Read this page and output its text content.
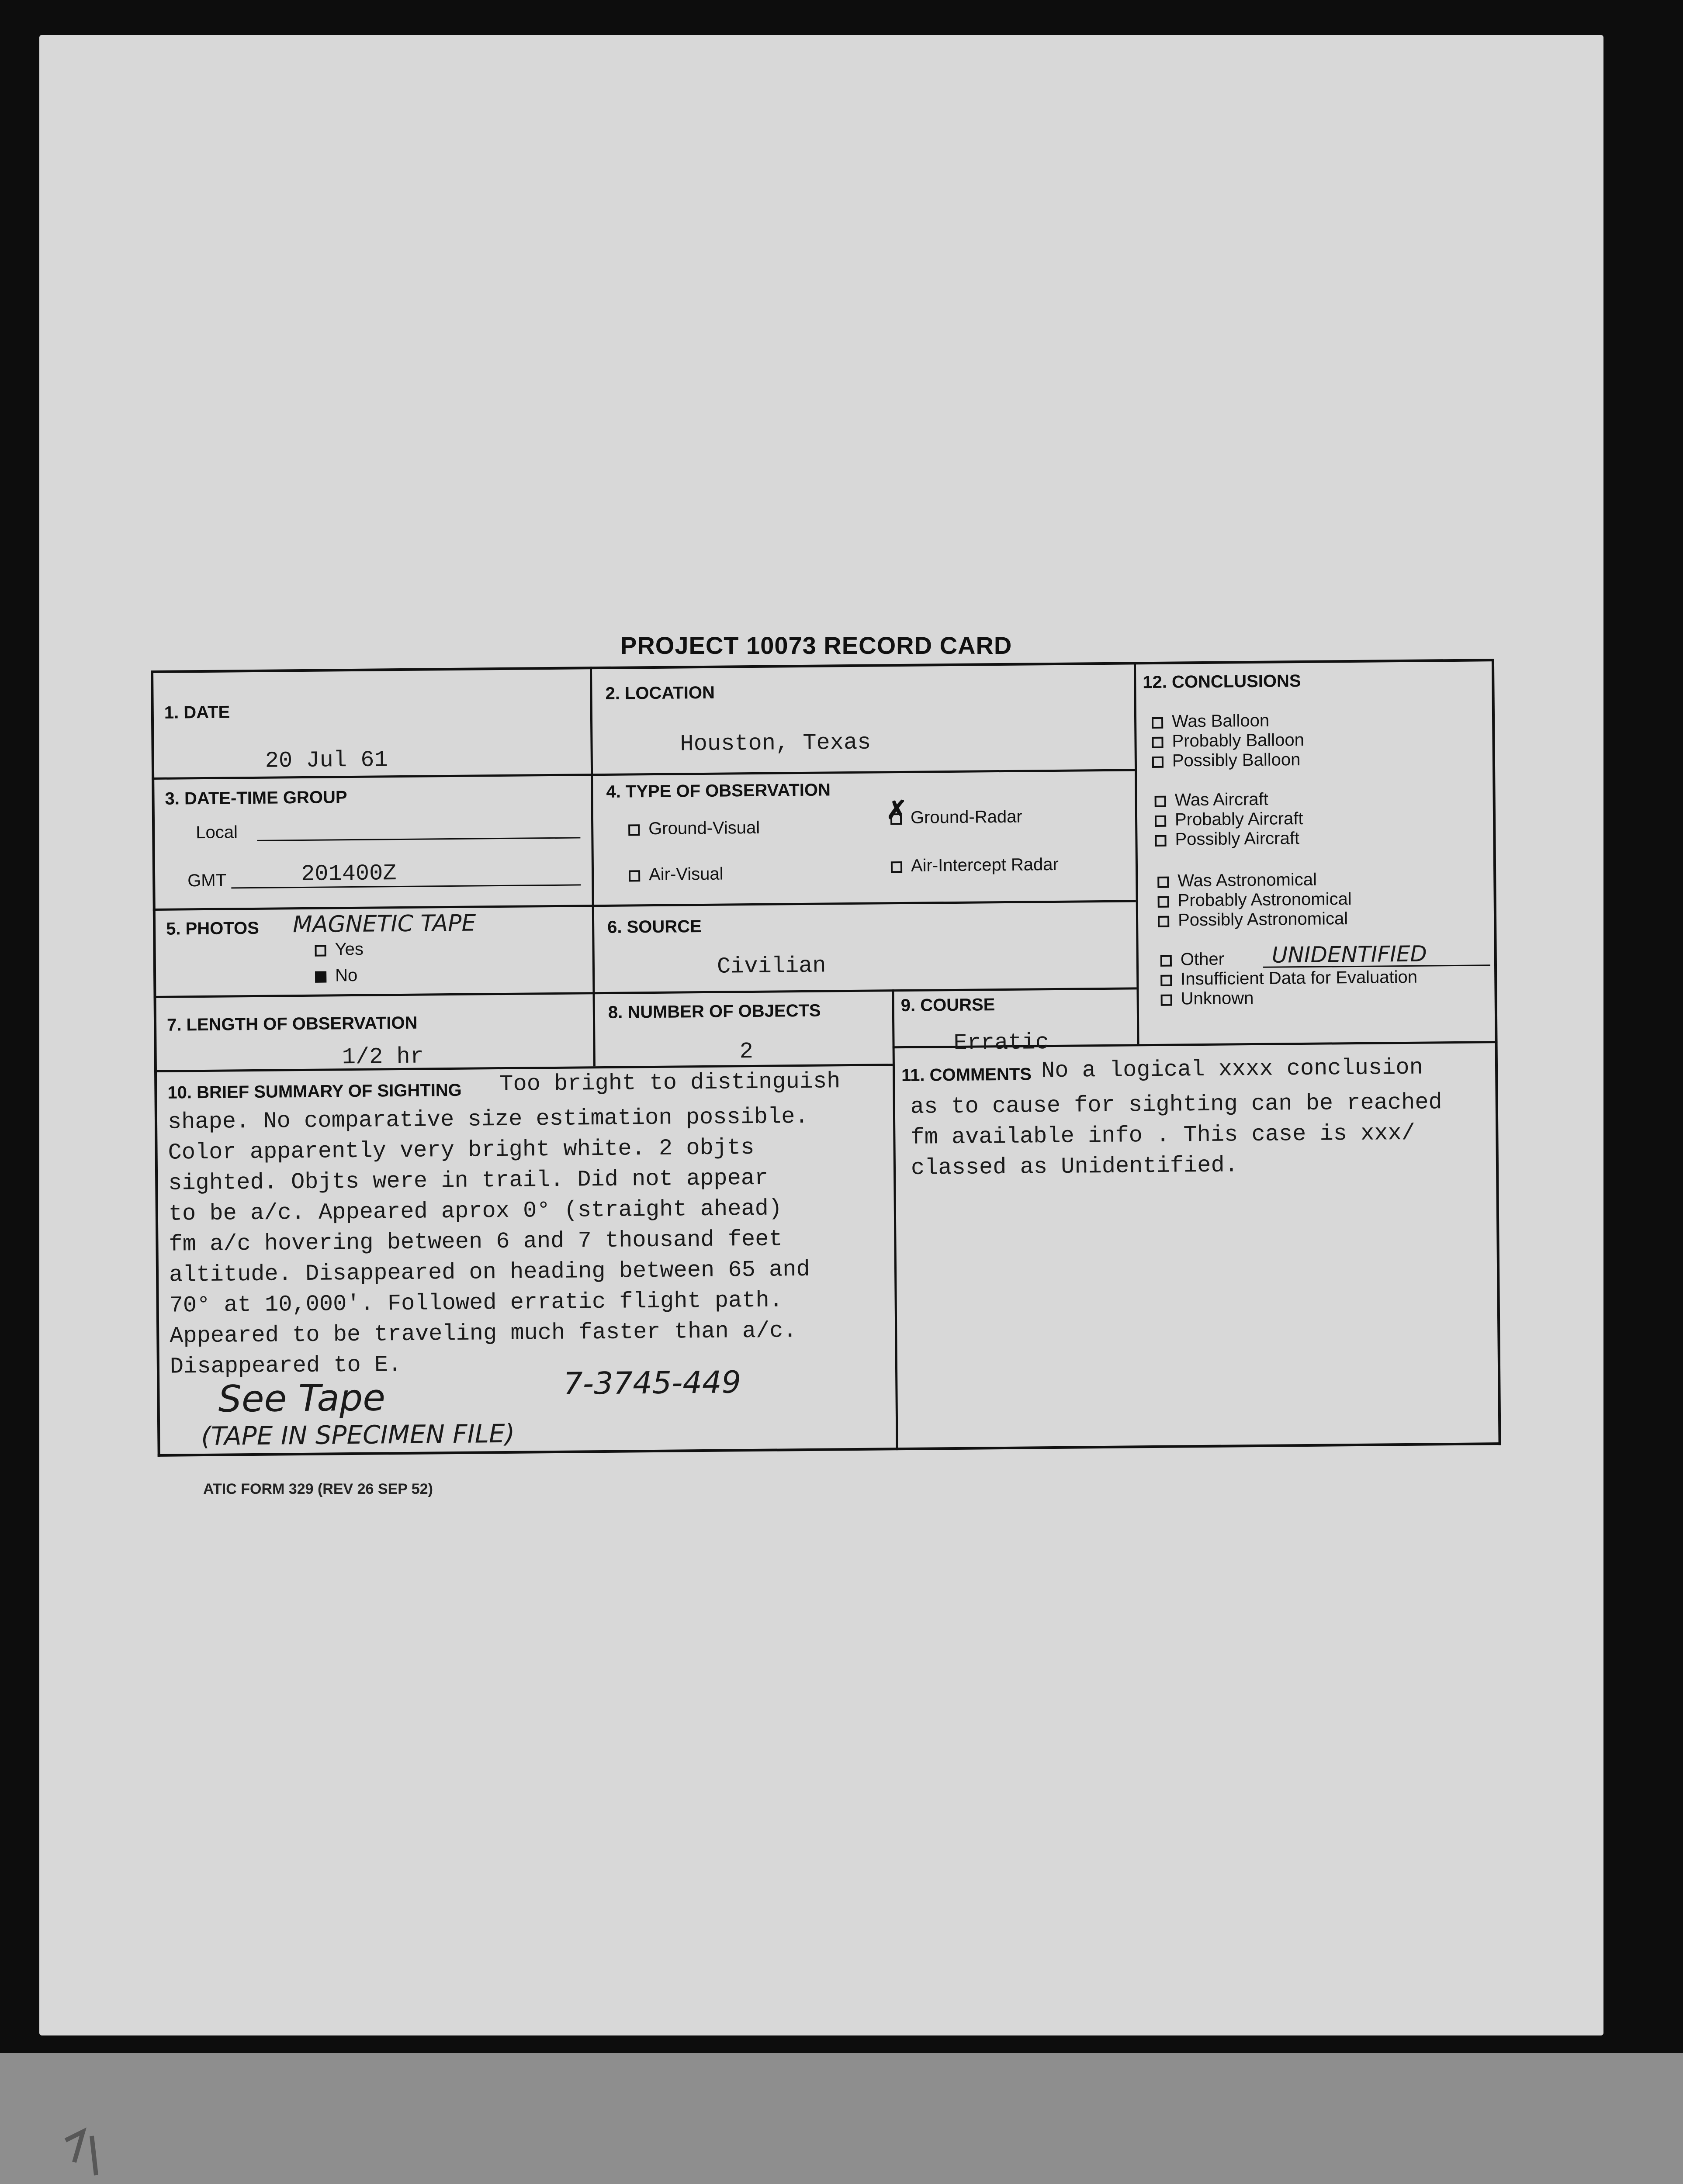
PROJECT 10073 RECORD CARD
1. DATE
20 Jul 61
2. LOCATION
Houston, Texas
3. DATE-TIME GROUP
Local
GMT	201400Z
4. TYPE OF OBSERVATION
Ground-Visual
Ground-Radar
✗
Air-Visual	Air-Intercept Radar
5. PHOTOS MAGNETIC TAPE
Yes
No
6. SOURCE
Civilian
7. LENGTH OF OBSERVATION
1/2 hr
8. NUMBER OF OBJECTS
2
9. COURSE
Erratic
10. BRIEF SUMMARY OF SIGHTING Too bright to distinguish
shape. No comparative size estimation possible.
Color apparently very bright white. 2 objts
sighted. Objts were in trail. Did not appear
to be a/c. Appeared aprox 0° (straight ahead)
fm a/c hovering between 6 and 7 thousand feet
altitude. Disappeared on heading between 65 and
70° at 10,000'. Followed erratic flight path.
Appeared to be traveling much faster than a/c.
Disappeared to E.
See Tape	7-3745-449
(TAPE IN SPECIMEN FILE)
11. COMMENTS No a logical xxxx conclusion
as to cause for sighting can be reached
fm available info . This case is xxx/
classed as Unidentified.
12. CONCLUSIONS
Was Balloon
Probably Balloon
Possibly Balloon
Was Aircraft
Probably Aircraft
Possibly Aircraft
Was Astronomical
Probably Astronomical
Possibly Astronomical
Other UNIDENTIFIED
Insufficient Data for Evaluation
Unknown
ATIC FORM 329 (REV 26 SEP 52)
